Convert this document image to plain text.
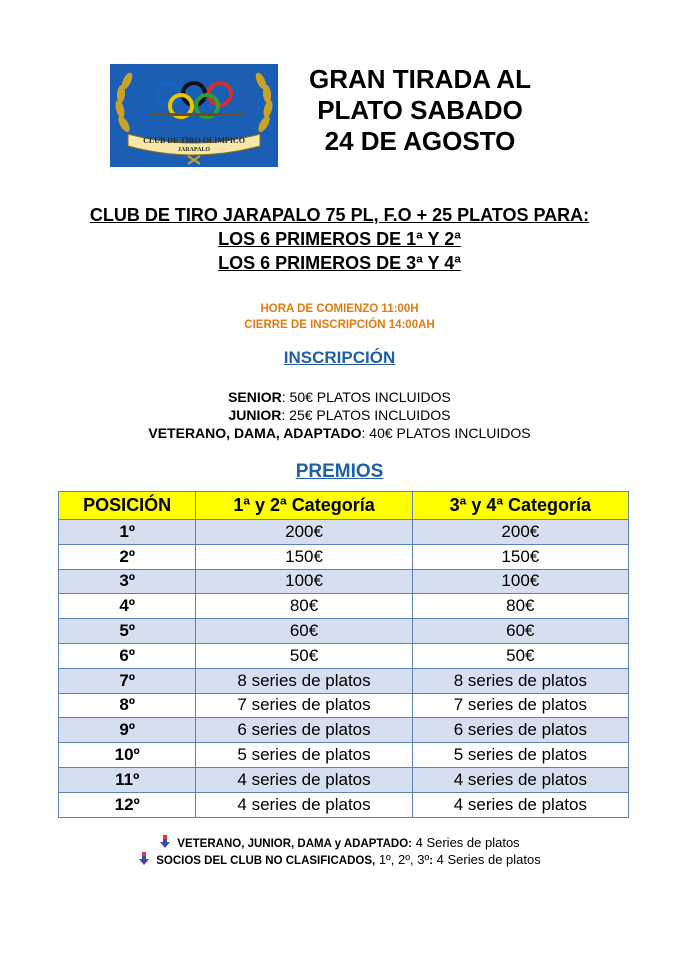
CLUB DE TIRO OLIMPICO
JARAPALO
GRAN TIRADA AL
PLATO SABADO
24 DE AGOSTO
CLUB DE TIRO JARAPALO 75 PL, F.O + 25 PLATOS PARA:
LOS 6 PRIMEROS DE 1ª Y 2ª
LOS 6 PRIMEROS DE 3ª Y 4ª
HORA DE COMIENZO 11:00H
CIERRE DE INSCRIPCIÓN 14:00AH
INSCRIPCIÓN
SENIOR: 50€ PLATOS INCLUIDOS
JUNIOR: 25€ PLATOS INCLUIDOS
VETERANO, DAMA, ADAPTADO: 40€ PLATOS INCLUIDOS
PREMIOS
POSICIÓN	1ª y 2ª Categoría	3ª y 4ª Categoría
1º	200€	200€
2º	150€	150€
3º	100€	100€
4º	80€	80€
5º	60€	60€
6º	50€	50€
7º	8 series de platos	8 series de platos
8º	7 series de platos	7 series de platos
9º	6 series de platos	6 series de platos
10º	5 series de platos	5 series de platos
11º	4 series de platos	4 series de platos
12º	4 series de platos	4 series de platos
VETERANO, JUNIOR, DAMA y ADAPTADO: 4 Series de platos
SOCIOS DEL CLUB NO CLASIFICADOS, 1º, 2º, 3º: 4 Series de platos
